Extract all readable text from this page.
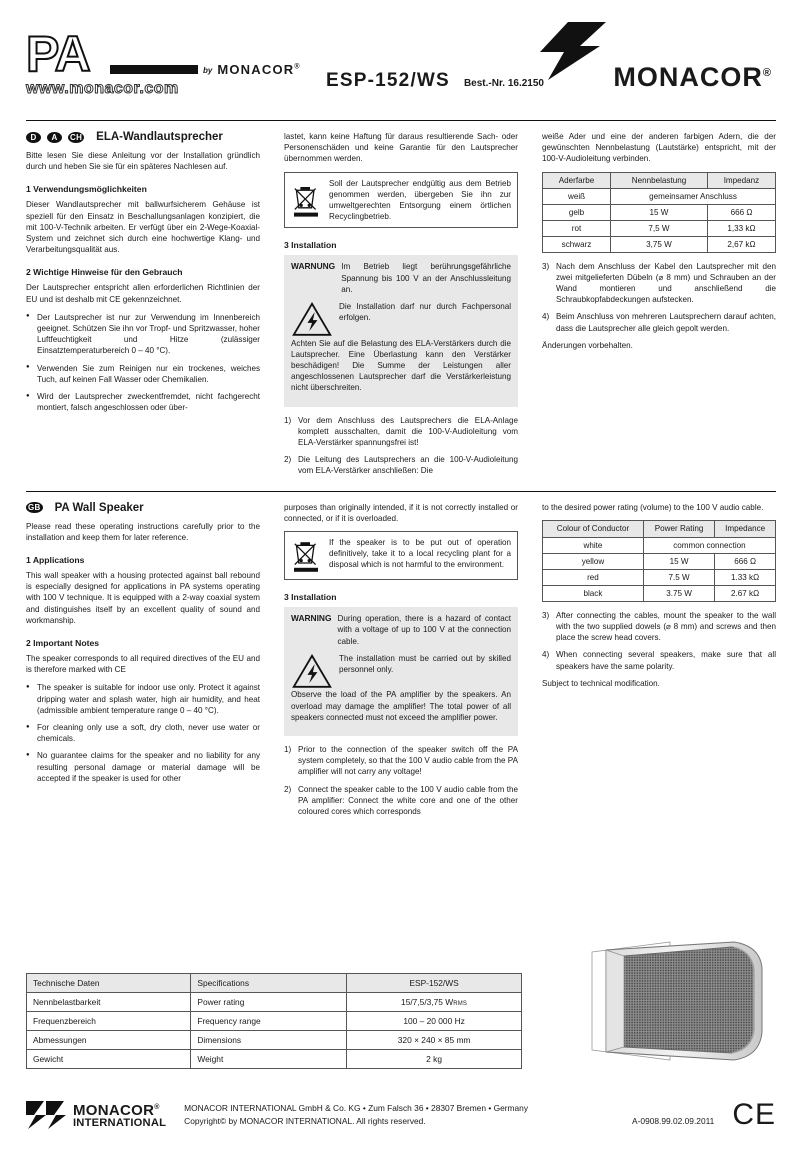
PA	by MONACOR®
www.monacor.com	ESP-152/WS Best.-Nr. 16.2150	MONACOR®
D	A	CH ELA-Wandlautsprecher

Bitte lesen Sie diese Anleitung vor der Installation gründlich durch und heben Sie sie für ein späteres Nachlesen auf.

1 Verwendungsmöglichkeiten

Dieser Wandlautsprecher mit ballwurfsicherem Gehäuse ist speziell für den Einsatz in Beschallungsanlagen konzipiert, die mit 100-V-Technik arbeiten. Er verfügt über ein 2-Wege-Koaxial-System und zeichnet sich durch eine hochwertige Klang- und Verarbeitungsqualität aus.

2 Wichtige Hinweise für den Gebrauch

Der Lautsprecher entspricht allen erforderlichen Richtlinien der EU und ist deshalb mit CE gekennzeichnet.

● Der Lautsprecher ist nur zur Verwendung im Innenbereich geeignet. Schützen Sie ihn vor Tropf- und Spritzwasser, hoher Luftfeuchtigkeit und Hitze (zulässiger Einsatztemperaturbereich 0 – 40 °C).
● Verwenden Sie zum Reinigen nur ein trockenes, weiches Tuch, auf keinen Fall Wasser oder Chemikalien.
● Wird der Lautsprecher zweckentfremdet, nicht fachgerecht montiert, falsch angeschlossen oder über-

lastet, kann keine Haftung für daraus resultierende Sach- oder Personenschäden und keine Garantie für den Lautsprecher übernommen werden.

Soll der Lautsprecher endgültig aus dem Betrieb genommen werden, übergeben Sie ihn zur umweltgerechten Entsorgung einem örtlichen Recyclingbetrieb.
3 Installation
WARNUNG Im Betrieb liegt berührungsgefährliche Spannung bis 100 V an der Anschlussleitung an.

Die Installation darf nur durch Fachpersonal erfolgen.

Achten Sie auf die Belastung des ELA-Verstärkers durch die Lautsprecher. Eine Überlastung kann den Verstärker beschädigen! Die Summe der Leistungen aller angeschlossenen Lautsprecher darf die Verstärkerleistung nicht überschreiten.

Vor dem Anschluss des Lautsprechers die ELA-Anlage komplett ausschalten, damit die 100-V-Audioleitung vom ELA-Verstärker spannungsfrei ist!
Die Leitung des Lautsprechers an die 100-V-Audioleitung vom ELA-Verstärker anschließen: Die

weiße Ader und eine der anderen farbigen Adern, die der gewünschten Nennbelastung (Lautstärke) entspricht, mit der 100-V-Audioleitung verbinden.

Aderfarbe	Nennbelastung	Impedanz
weiß	gemeinsamer Anschluss	
gelb	15 W	666 Ω
rot	7,5 W	1,33 kΩ
schwarz	3,75 W	2,67 kΩ
Nach dem Anschluss der Kabel den Lautsprecher mit den zwei mitgelieferten Dübeln (⌀ 8 mm) und Schrauben an der Wand montieren und anschließend die Schraubkopfabdeckungen aufstecken.
Beim Anschluss von mehreren Lautsprechern darauf achten, dass die Lautsprecher alle gleich gepolt werden.

Änderungen vorbehalten.

GB PA Wall Speaker

Please read these operating instructions carefully prior to the installation and keep them for later reference.

1 Applications

This wall speaker with a housing protected against ball rebound is especially designed for applications in PA systems operating with 100 V technique. It is equipped with a 2-way coaxial system and distinguishes itself by an excellent quality of sound and workmanship.

2 Important Notes

The speaker corresponds to all required directives of the EU and is therefore marked with CE

● The speaker is suitable for indoor use only. Protect it against dripping water and splash water, high air humidity, and heat (admissible ambient temperature range 0 – 40 °C).
● For cleaning only use a soft, dry cloth, never use water or chemicals.
● No guarantee claims for the speaker and no liability for any resulting personal damage or material damage will be accepted if the speaker is used for other

purposes than originally intended, if it is not correctly installed or connected, or if it is overloaded.

If the speaker is to be put out of operation definitively, take it to a local recycling plant for a disposal which is not harmful to the environment.
3 Installation
WARNING During operation, there is a hazard of contact with a voltage of up to 100 V at the connection cable.

The installation must be carried out by skilled personnel only.

Observe the load of the PA amplifier by the speakers. An overload may damage the amplifier! The total power of all speakers connected must not exceed the amplifier power.

Prior to the connection of the speaker switch off the PA system completely, so that the 100 V audio cable from the PA amplifier will not carry any voltage!
Connect the speaker cable to the 100 V audio cable from the PA amplifier: Connect the white core and one of the other coloured cores which corresponds

to the desired power rating (volume) to the 100 V audio cable.

Colour of Conductor	Power Rating	Impedance
white	common connection	
yellow	15 W	666 Ω
red	7.5 W	1.33 kΩ
black	3.75 W	2.67 kΩ
After connecting the cables, mount the speaker to the wall with the two supplied dowels (⌀ 8 mm) and screws and then place the screw head covers.
When connecting several speakers, make sure that all speakers have the same polarity.

Subject to technical modification.

Technische Daten	Specifications	ESP-152/WS
Nennbelastbarkeit	Power rating	15/7,5/3,75 WRMS
Frequenzbereich	Frequency range	100 – 20 000 Hz
Abmessungen	Dimensions	320 × 240 × 85 mm
Gewicht	Weight	2 kg
MONACOR®
INTERNATIONAL
MONACOR INTERNATIONAL GmbH & Co. KG • Zum Falsch 36 • 28307 Bremen • Germany
Copyright© by MONACOR INTERNATIONAL. All rights reserved.	A-0908.99.02.09.2011 CE
